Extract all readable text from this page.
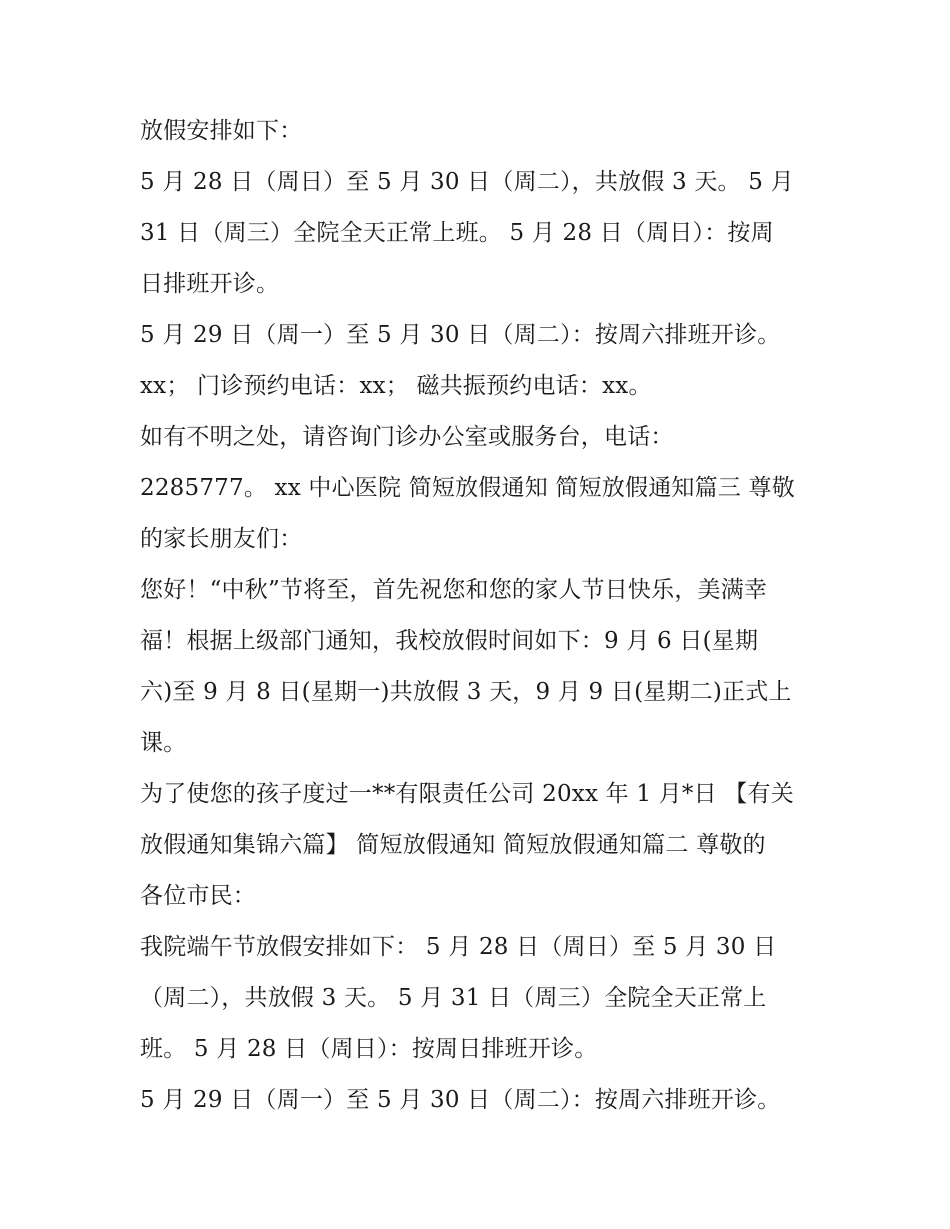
放假安排如下：
5 月 28 日（周日）至 5 月 30 日（周二），共放假 3 天。 5 月
31 日（周三）全院全天正常上班。 5 月 28 日（周日）：按周
日排班开诊。
5 月 29 日（周一）至 5 月 30 日（周二）：按周六排班开诊。
xx； 门诊预约电话：xx； 磁共振预约电话：xx。
如有不明之处，请咨询门诊办公室或服务台，电话：
2285777。 xx 中心医院 简短放假通知 简短放假通知篇三 尊敬
的家长朋友们：
您好！“中秋”节将至，首先祝您和您的家人节日快乐，美满幸
福！根据上级部门通知，我校放假时间如下：9 月 6 日(星期
六)至 9 月 8 日(星期一)共放假 3 天，9 月 9 日(星期二)正式上
课。
为了使您的孩子度过一**有限责任公司 20xx 年 1 月*日 【有关
放假通知集锦六篇】 简短放假通知 简短放假通知篇二 尊敬的
各位市民：
我院端午节放假安排如下： 5 月 28 日（周日）至 5 月 30 日
（周二），共放假 3 天。 5 月 31 日（周三）全院全天正常上
班。 5 月 28 日（周日）：按周日排班开诊。
5 月 29 日（周一）至 5 月 30 日（周二）：按周六排班开诊。
